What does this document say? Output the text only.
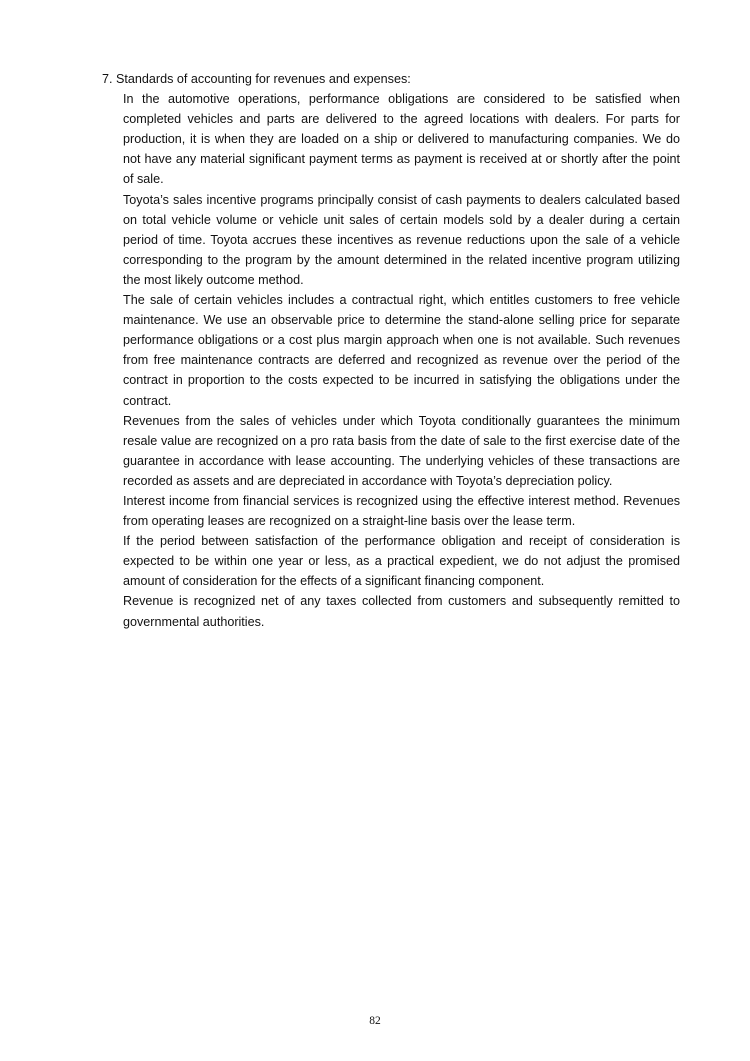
7. Standards of accounting for revenues and expenses:

In the automotive operations, performance obligations are considered to be satisfied when completed vehicles and parts are delivered to the agreed locations with dealers. For parts for production, it is when they are loaded on a ship or delivered to manufacturing companies. We do not have any material significant payment terms as payment is received at or shortly after the point of sale.

Toyota’s sales incentive programs principally consist of cash payments to dealers calculated based on total vehicle volume or vehicle unit sales of certain models sold by a dealer during a certain period of time. Toyota accrues these incentives as revenue reductions upon the sale of a vehicle corresponding to the program by the amount determined in the related incentive program utilizing the most likely outcome method.

The sale of certain vehicles includes a contractual right, which entitles customers to free vehicle maintenance. We use an observable price to determine the stand-alone selling price for separate performance obligations or a cost plus margin approach when one is not available. Such revenues from free maintenance contracts are deferred and recognized as revenue over the period of the contract in proportion to the costs expected to be incurred in satisfying the obligations under the contract.

Revenues from the sales of vehicles under which Toyota conditionally guarantees the minimum resale value are recognized on a pro rata basis from the date of sale to the first exercise date of the guarantee in accordance with lease accounting. The underlying vehicles of these transactions are recorded as assets and are depreciated in accordance with Toyota’s depreciation policy.

Interest income from financial services is recognized using the effective interest method. Revenues from operating leases are recognized on a straight-line basis over the lease term.

If the period between satisfaction of the performance obligation and receipt of consideration is expected to be within one year or less, as a practical expedient, we do not adjust the promised amount of consideration for the effects of a significant financing component.

Revenue is recognized net of any taxes collected from customers and subsequently remitted to governmental authorities.

82
